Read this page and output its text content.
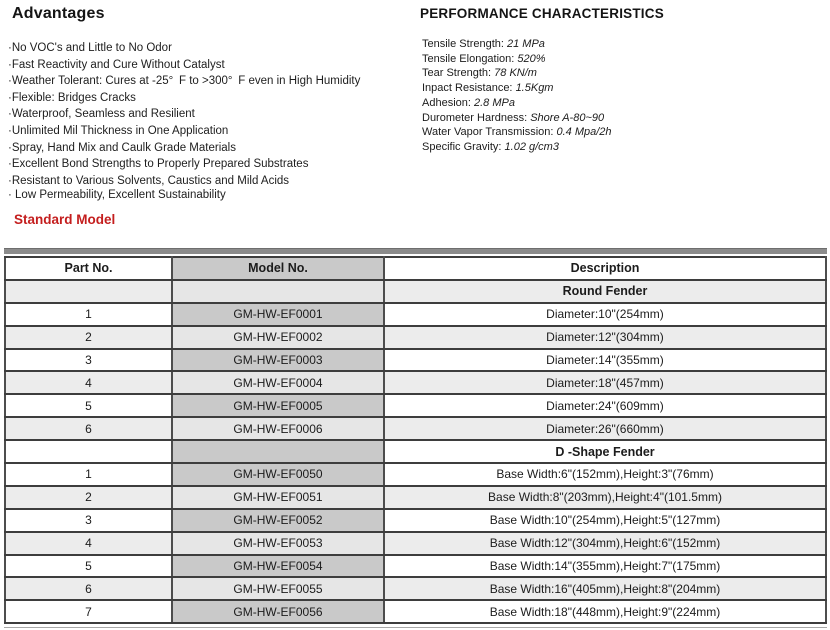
Advantages
·No VOC's and Little to No Odor
·Fast Reactivity and Cure Without Catalyst
·Weather Tolerant: Cures at -25° F to >300° F even in High Humidity
·Flexible: Bridges Cracks
·Waterproof, Seamless and Resilient
·Unlimited Mil Thickness in One Application
·Spray, Hand Mix and Caulk Grade Materials
·Excellent Bond Strengths to Properly Prepared Substrates
·Resistant to Various Solvents, Caustics and Mild Acids
· Low Permeability, Excellent Sustainability
PERFORMANCE CHARACTERISTICS
Tensile Strength: 21 MPa
Tensile Elongation: 520%
Tear Strength: 78 KN/m
Inpact Resistance: 1.5Kgm
Adhesion: 2.8 MPa
Durometer Hardness: Shore A-80~90
Water Vapor Transmission: 0.4 Mpa/2h
Specific Gravity: 1.02 g/cm3
Standard Model
Part No.	Model No.	Description
		Round Fender
1	GM-HW-EF0001	Diameter:10"(254mm)
2	GM-HW-EF0002	Diameter:12"(304mm)
3	GM-HW-EF0003	Diameter:14"(355mm)
4	GM-HW-EF0004	Diameter:18"(457mm)
5	GM-HW-EF0005	Diameter:24"(609mm)
6	GM-HW-EF0006	Diameter:26"(660mm)
		D -Shape Fender
1	GM-HW-EF0050	Base Width:6"(152mm),Height:3"(76mm)
2	GM-HW-EF0051	Base Width:8"(203mm),Height:4"(101.5mm)
3	GM-HW-EF0052	Base Width:10"(254mm),Height:5"(127mm)
4	GM-HW-EF0053	Base Width:12"(304mm),Height:6"(152mm)
5	GM-HW-EF0054	Base Width:14"(355mm),Height:7"(175mm)
6	GM-HW-EF0055	Base Width:16"(405mm),Height:8"(204mm)
7	GM-HW-EF0056	Base Width:18"(448mm),Height:9"(224mm)
